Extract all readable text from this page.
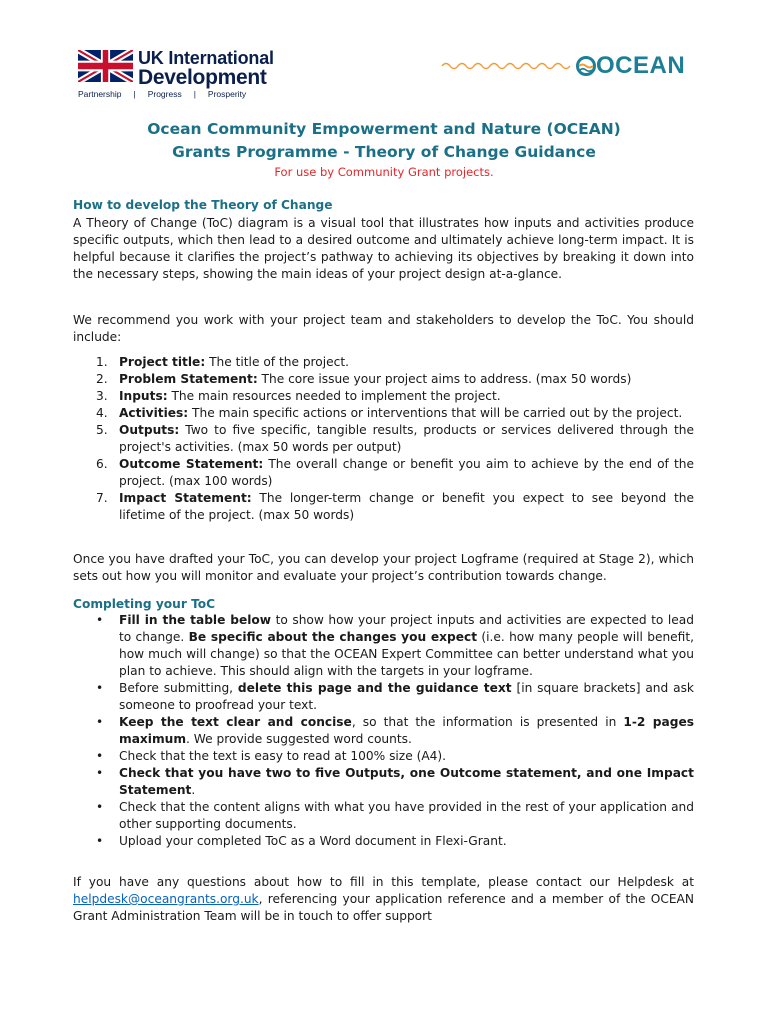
UK International
Development
Partnership | Progress | Prosperity
OCEAN
Ocean Community Empowerment and Nature (OCEAN)
Grants Programme - Theory of Change Guidance
For use by Community Grant projects.
How to develop the Theory of Change
A Theory of Change (ToC) diagram is a visual tool that illustrates how inputs and activities produce specific outputs, which then lead to a desired outcome and ultimately achieve long-term impact. It is helpful because it clarifies the project’s pathway to achieving its objectives by breaking it down into the necessary steps, showing the main ideas of your project design at-a-glance.
We recommend you work with your project team and stakeholders to develop the ToC. You should include:
1. Project title: The title of the project.
2. Problem Statement: The core issue your project aims to address. (max 50 words)
3. Inputs: The main resources needed to implement the project.
4. Activities: The main specific actions or interventions that will be carried out by the project.
5. Outputs: Two to five specific, tangible results, products or services delivered through the project's activities. (max 50 words per output)
6. Outcome Statement: The overall change or benefit you aim to achieve by the end of the project. (max 100 words)
7. Impact Statement: The longer-term change or benefit you expect to see beyond the lifetime of the project. (max 50 words)
Once you have drafted your ToC, you can develop your project Logframe (required at Stage 2), which sets out how you will monitor and evaluate your project’s contribution towards change.
Completing your ToC
• Fill in the table below to show how your project inputs and activities are expected to lead to change. Be specific about the changes you expect (i.e. how many people will benefit, how much will change) so that the OCEAN Expert Committee can better understand what you plan to achieve. This should align with the targets in your logframe.
• Before submitting, delete this page and the guidance text [in square brackets] and ask someone to proofread your text.
• Keep the text clear and concise, so that the information is presented in 1-2 pages maximum. We provide suggested word counts.
• Check that the text is easy to read at 100% size (A4).
• Check that you have two to five Outputs, one Outcome statement, and one Impact Statement.
• Check that the content aligns with what you have provided in the rest of your application and other supporting documents.
• Upload your completed ToC as a Word document in Flexi-Grant.
If you have any questions about how to fill in this template, please contact our Helpdesk at helpdesk@oceangrants.org.uk, referencing your application reference and a member of the OCEAN Grant Administration Team will be in touch to offer support
